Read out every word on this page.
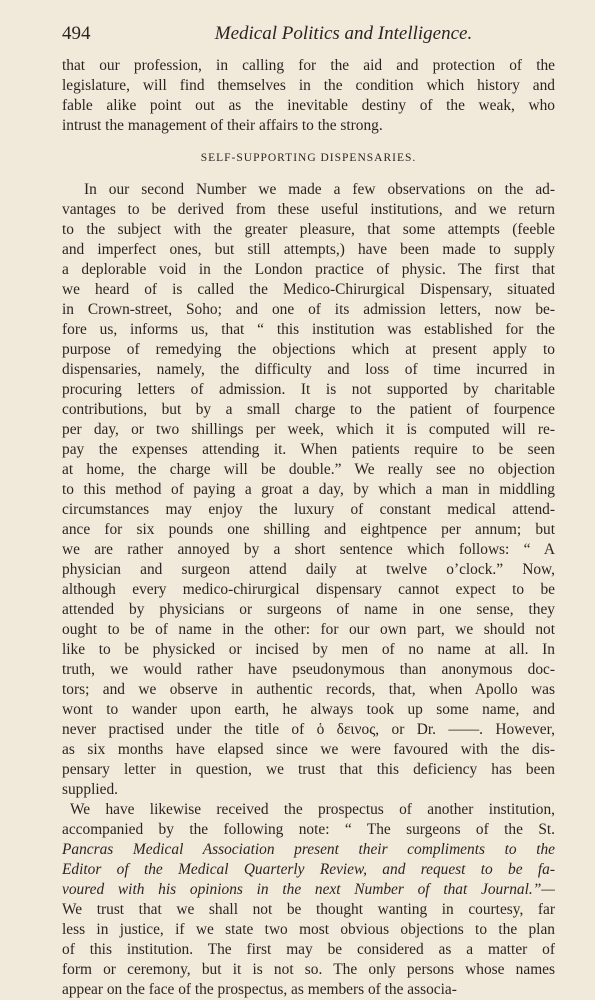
494	Medical Politics and Intelligence.
that our profession, in calling for the aid and protection of the
legislature, will find themselves in the condition which history and
fable alike point out as the inevitable destiny of the weak, who
intrust the management of their affairs to the strong.
SELF-SUPPORTING DISPENSARIES.
In our second Number we made a few observations on the ad-
vantages to be derived from these useful institutions, and we return
to the subject with the greater pleasure, that some attempts (feeble
and imperfect ones, but still attempts,) have been made to supply
a deplorable void in the London practice of physic. The first that
we heard of is called the Medico-Chirurgical Dispensary, situated
in Crown-street, Soho; and one of its admission letters, now be-
fore us, informs us, that “ this institution was established for the
purpose of remedying the objections which at present apply to
dispensaries, namely, the difficulty and loss of time incurred in
procuring letters of admission. It is not supported by charitable
contributions, but by a small charge to the patient of fourpence
per day, or two shillings per week, which it is computed will re-
pay the expenses attending it. When patients require to be seen
at home, the charge will be double.” We really see no objection
to this method of paying a groat a day, by which a man in middling
circumstances may enjoy the luxury of constant medical attend-
ance for six pounds one shilling and eightpence per annum; but
we are rather annoyed by a short sentence which follows: “ A
physician and surgeon attend daily at twelve o’clock.” Now,
although every medico-chirurgical dispensary cannot expect to be
attended by physicians or surgeons of name in one sense, they
ought to be of name in the other: for our own part, we should not
like to be physicked or incised by men of no name at all. In
truth, we would rather have pseudonymous than anonymous doc-
tors; and we observe in authentic records, that, when Apollo was
wont to wander upon earth, he always took up some name, and
never practised under the title of ὁ δεινος, or Dr. ——. However,
as six months have elapsed since we were favoured with the dis-
pensary letter in question, we trust that this deficiency has been
supplied.
We have likewise received the prospectus of another institution,
accompanied by the following note: “ The surgeons of the St.
Pancras Medical Association present their compliments to the
Editor of the Medical Quarterly Review, and request to be fa-
voured with his opinions in the next Number of that Journal.”—
We trust that we shall not be thought wanting in courtesy, far
less in justice, if we state two most obvious objections to the plan
of this institution. The first may be considered as a matter of
form or ceremony, but it is not so. The only persons whose names
appear on the face of the prospectus, as members of the associa-
